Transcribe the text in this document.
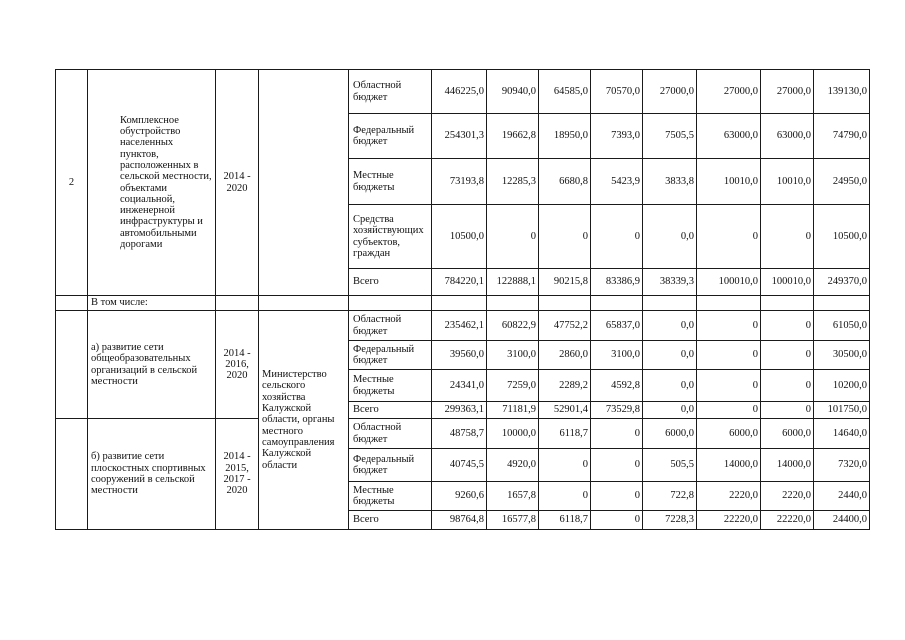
2	Комплексное обустройство населенных пунктов, расположенных в сельской местности, объектами социальной, инженерной инфраструктуры и автомобильными дорогами	2014 - 2020		Областной бюджет	446225,0	90940,0	64585,0	70570,0	27000,0	27000,0	27000,0	139130,0

				Федеральный бюджет	254301,3	19662,8	18950,0	7393,0	7505,5	63000,0	63000,0	74790,0

				Местные бюджеты	73193,8	12285,3	6680,8	5423,9	3833,8	10010,0	10010,0	24950,0

				Средства хозяйствующих субъектов, граждан	10500,0	0	0	0	0,0	0	0	10500,0
				Всего	784220,1	122888,1	90215,8	83386,9	38339,3	100010,0	100010,0	249370,0
	В том числе:											
	а) развитие сети общеобразовательных организаций в сельской местности	2014 - 2016, 2020	Министерство сельского хозяйства Калужской области, органы местного самоуправления Калужской области	Областной бюджет	235462,1	60822,9	47752,2	65837,0	0,0	0	0	61050,0

				Федеральный бюджет	39560,0	3100,0	2860,0	3100,0	0,0	0	0	30500,0

				Местные бюджеты	24341,0	7259,0	2289,2	4592,8	0,0	0	0	10200,0
				Всего	299363,1	71181,9	52901,4	73529,8	0,0	0	0	101750,0
	б) развитие сети плоскостных спортивных сооружений в сельской местности	2014 - 2015, 2017 - 2020		Областной бюджет	48758,7	10000,0	6118,7	0	6000,0	6000,0	6000,0	14640,0

				Федеральный бюджет	40745,5	4920,0	0	0	505,5	14000,0	14000,0	7320,0

				Местные бюджеты	9260,6	1657,8	0	0	722,8	2220,0	2220,0	2440,0
				Всего	98764,8	16577,8	6118,7	0	7228,3	22220,0	22220,0	24400,0
